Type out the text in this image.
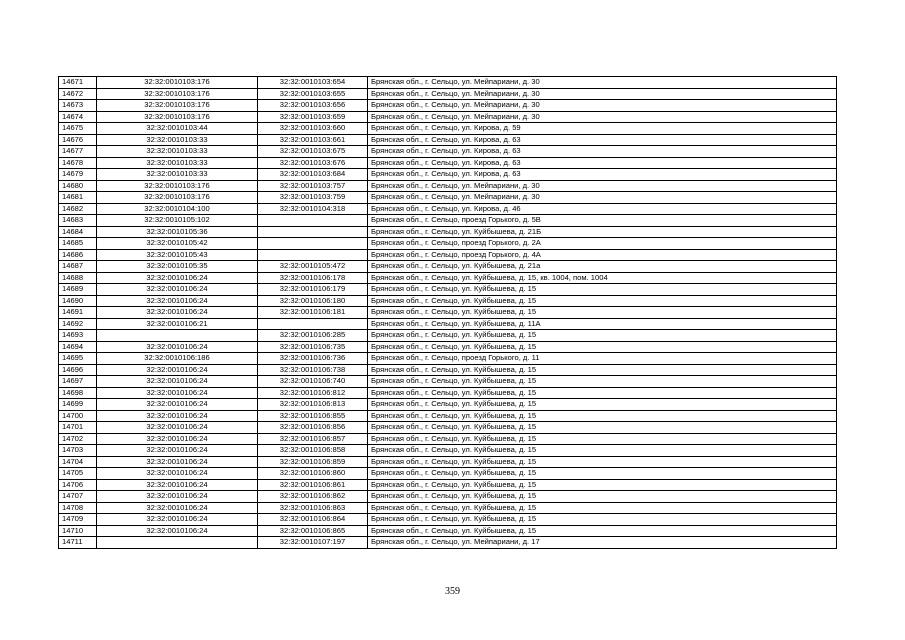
14671	32:32:0010103:176	32:32:0010103:654	Брянская обл., г. Сельцо, ул. Мейпариани, д. 30
14672	32:32:0010103:176	32:32:0010103:655	Брянская обл., г. Сельцо, ул. Мейпариани, д. 30
14673	32:32:0010103:176	32:32:0010103:656	Брянская обл., г. Сельцо, ул. Мейпариани, д. 30
14674	32:32:0010103:176	32:32:0010103:659	Брянская обл., г. Сельцо, ул. Мейпариани, д. 30
14675	32:32:0010103:44	32:32:0010103:660	Брянская обл., г. Сельцо, ул. Кирова, д. 59
14676	32:32:0010103:33	32:32:0010103:661	Брянская обл., г. Сельцо, ул. Кирова, д. 63
14677	32:32:0010103:33	32:32:0010103:675	Брянская обл., г. Сельцо, ул. Кирова, д. 63
14678	32:32:0010103:33	32:32:0010103:676	Брянская обл., г. Сельцо, ул. Кирова, д. 63
14679	32:32:0010103:33	32:32:0010103:684	Брянская обл., г. Сельцо, ул. Кирова, д. 63
14680	32:32:0010103:176	32:32:0010103:757	Брянская обл., г. Сельцо, ул. Мейпариани, д. 30
14681	32:32:0010103:176	32:32:0010103:759	Брянская обл., г. Сельцо, ул. Мейпариани, д. 30
14682	32:32:0010104:100	32:32:0010104:318	Брянская обл., г. Сельцо, ул. Кирова, д. 46
14683	32:32:0010105:102		Брянская обл., г. Сельцо, проезд Горького, д. 5В
14684	32:32:0010105:36		Брянская обл., г. Сельцо, ул. Куйбышева, д. 21Б
14685	32:32:0010105:42		Брянская обл., г. Сельцо, проезд Горького, д. 2А
14686	32:32:0010105:43		Брянская обл., г. Сельцо, проезд Горького, д. 4А
14687	32:32:0010105:35	32:32:0010105:472	Брянская обл., г. Сельцо, ул. Куйбышева, д. 21а
14688	32:32:0010106:24	32:32:0010106:178	Брянская обл., г. Сельцо, ул. Куйбышева, д. 15, кв. 1004, пом. 1004
14689	32:32:0010106:24	32:32:0010106:179	Брянская обл., г. Сельцо, ул. Куйбышева, д. 15
14690	32:32:0010106:24	32:32:0010106:180	Брянская обл., г. Сельцо, ул. Куйбышева, д. 15
14691	32:32:0010106:24	32:32:0010106:181	Брянская обл., г. Сельцо, ул. Куйбышева, д. 15
14692	32:32:0010106:21		Брянская обл., г. Сельцо, ул. Куйбышева, д. 11А
14693		32:32:0010106:285	Брянская обл., г. Сельцо, ул. Куйбышева, д. 15
14694	32:32:0010106:24	32:32:0010106:735	Брянская обл., г. Сельцо, ул. Куйбышева, д. 15
14695	32:32:0010106:186	32:32:0010106:736	Брянская обл., г. Сельцо, проезд Горького, д. 11
14696	32:32:0010106:24	32:32:0010106:738	Брянская обл., г. Сельцо, ул. Куйбышева, д. 15
14697	32:32:0010106:24	32:32:0010106:740	Брянская обл., г. Сельцо, ул. Куйбышева, д. 15
14698	32:32:0010106:24	32:32:0010106:812	Брянская обл., г. Сельцо, ул. Куйбышева, д. 15
14699	32:32:0010106:24	32:32:0010106:813	Брянская обл., г. Сельцо, ул. Куйбышева, д. 15
14700	32:32:0010106:24	32:32:0010106:855	Брянская обл., г. Сельцо, ул. Куйбышева, д. 15
14701	32:32:0010106:24	32:32:0010106:856	Брянская обл., г. Сельцо, ул. Куйбышева, д. 15
14702	32:32:0010106:24	32:32:0010106:857	Брянская обл., г. Сельцо, ул. Куйбышева, д. 15
14703	32:32:0010106:24	32:32:0010106:858	Брянская обл., г. Сельцо, ул. Куйбышева, д. 15
14704	32:32:0010106:24	32:32:0010106:859	Брянская обл., г. Сельцо, ул. Куйбышева, д. 15
14705	32:32:0010106:24	32:32:0010106:860	Брянская обл., г. Сельцо, ул. Куйбышева, д. 15
14706	32:32:0010106:24	32:32:0010106:861	Брянская обл., г. Сельцо, ул. Куйбышева, д. 15
14707	32:32:0010106:24	32:32:0010106:862	Брянская обл., г. Сельцо, ул. Куйбышева, д. 15
14708	32:32:0010106:24	32:32:0010106:863	Брянская обл., г. Сельцо, ул. Куйбышева, д. 15
14709	32:32:0010106:24	32:32:0010106:864	Брянская обл., г. Сельцо, ул. Куйбышева, д. 15
14710	32:32:0010106:24	32:32:0010106:865	Брянская обл., г. Сельцо, ул. Куйбышева, д. 15
14711		32:32:0010107:197	Брянская обл., г. Сельцо, ул. Мейпариани, д. 17
359
